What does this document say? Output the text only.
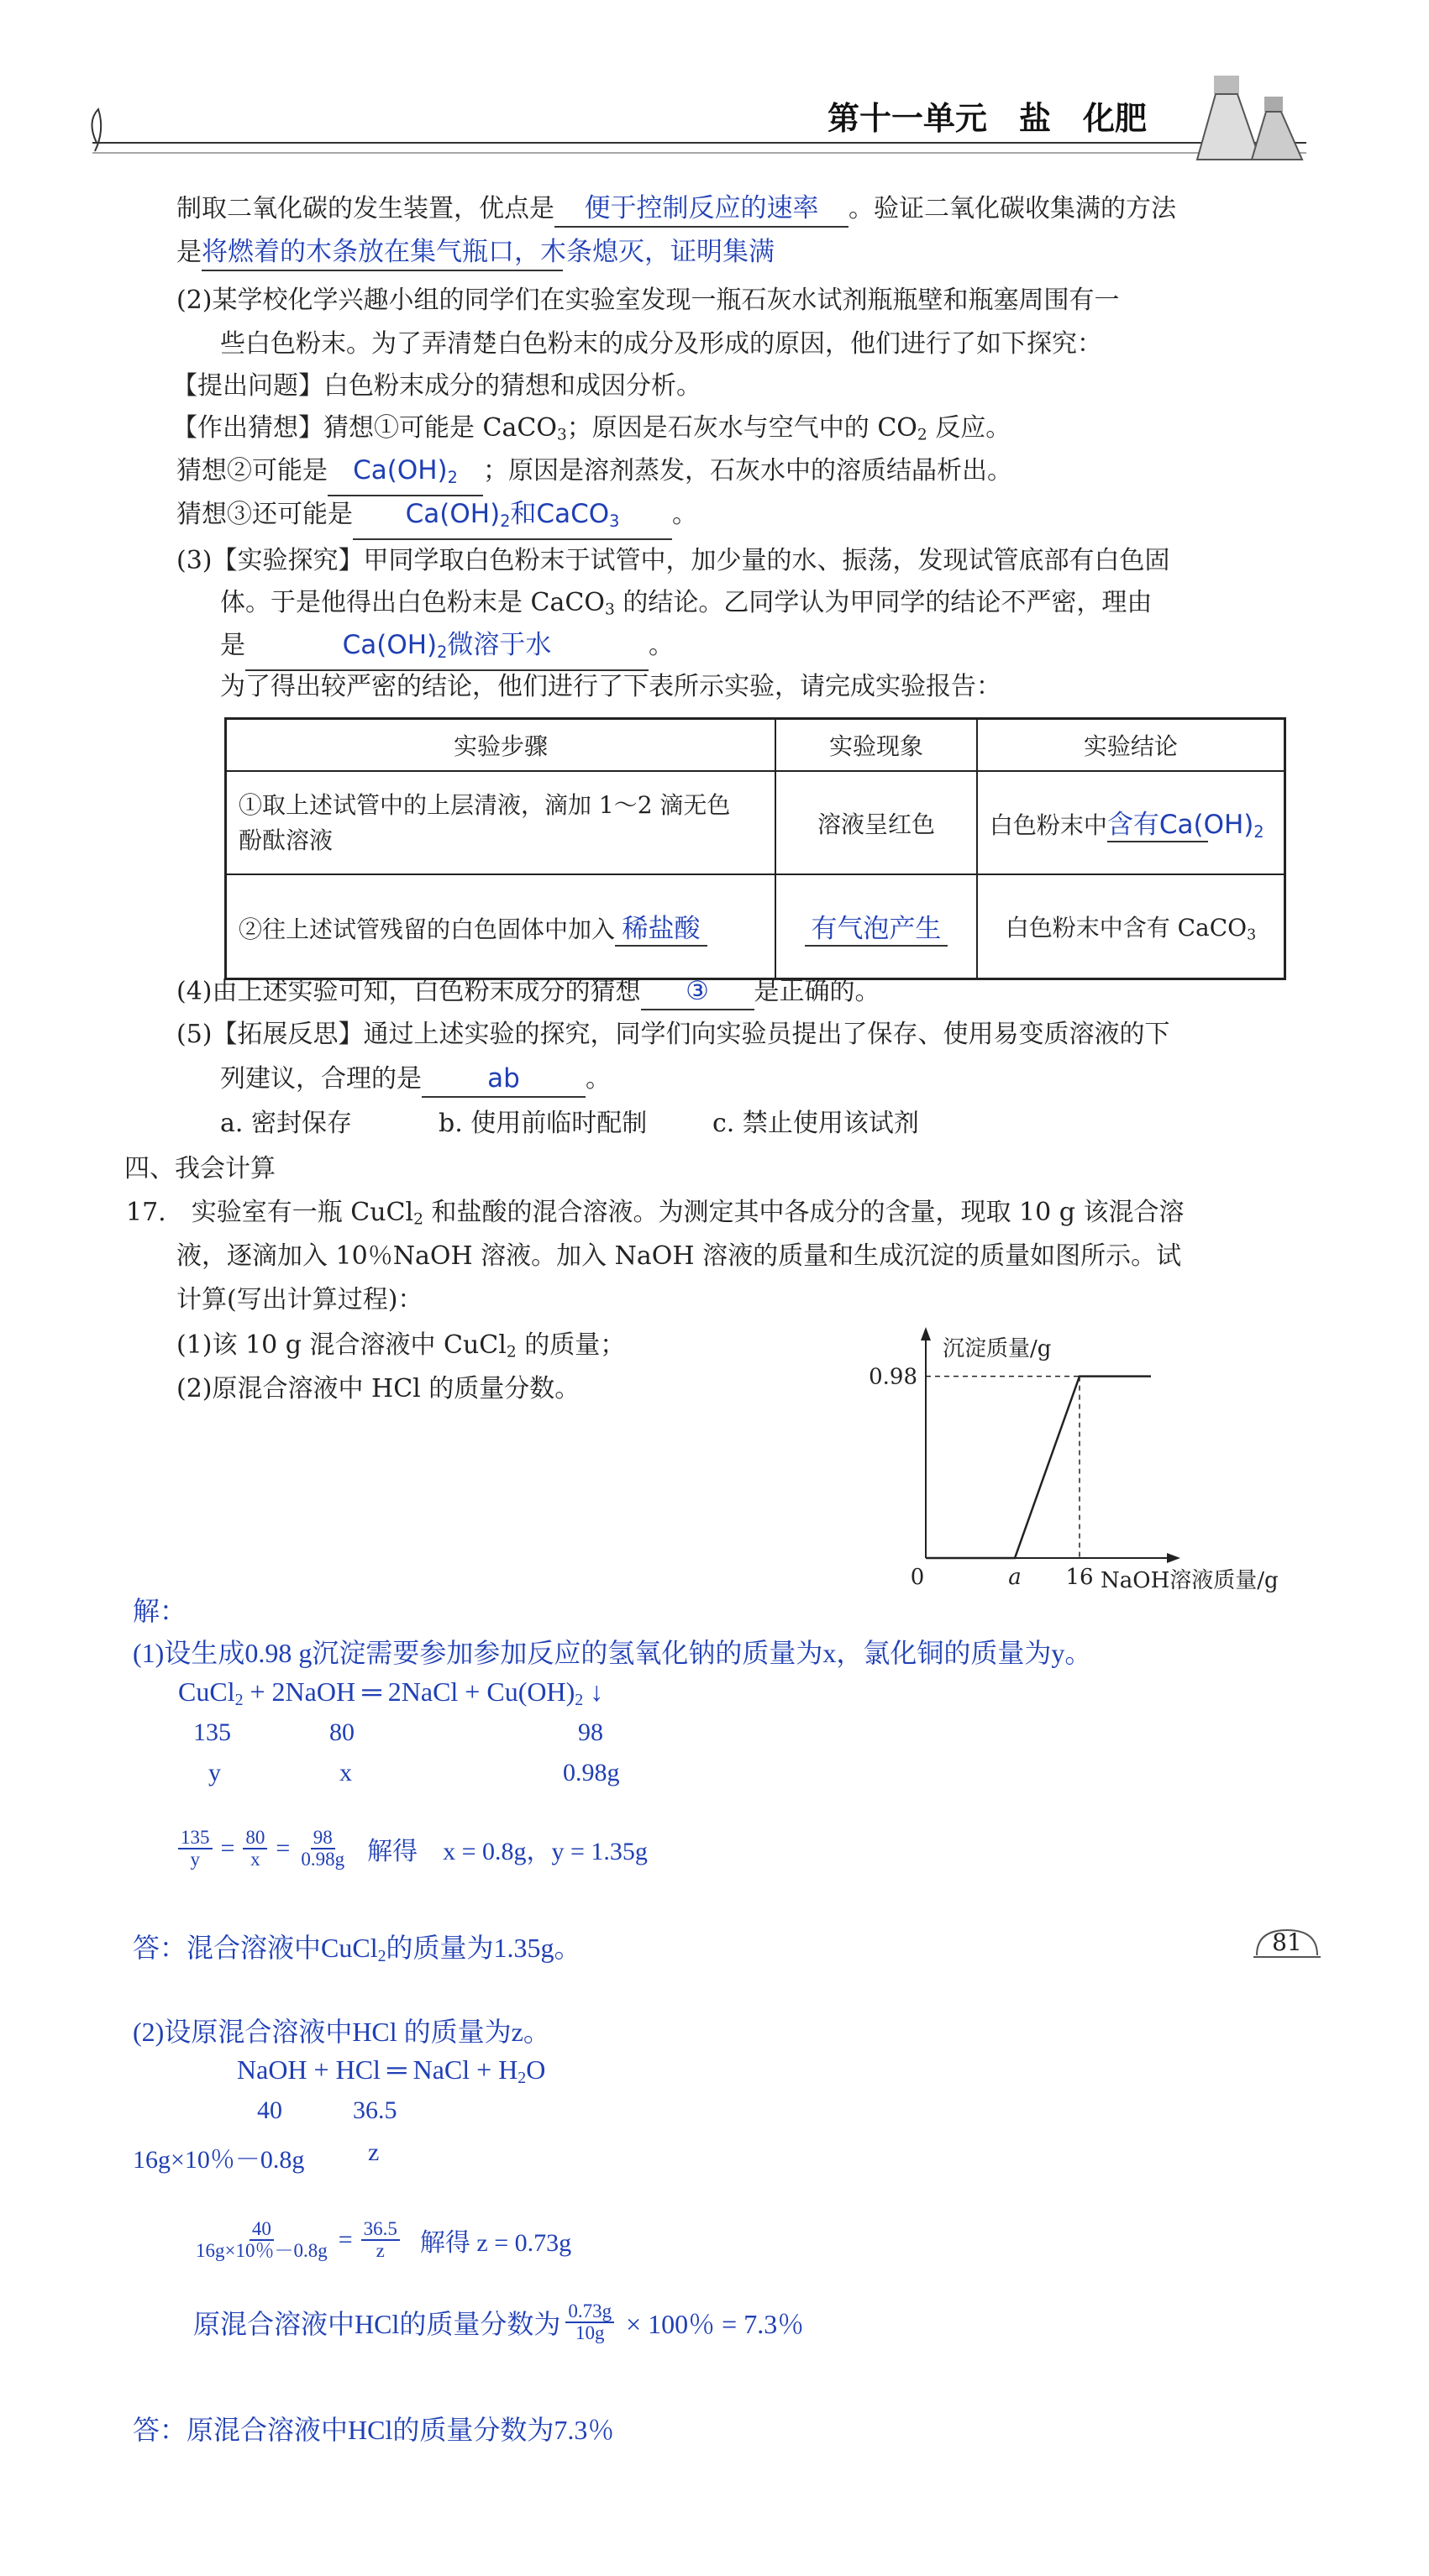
第十一单元　盐　化肥
制取二氧化碳的发生装置，优点是 便于控制反应的速率 。验证二氧化碳收集满的方法
是将燃着的木条放在集气瓶口，木条熄灭，证明集满
(2)某学校化学兴趣小组的同学们在实验室发现一瓶石灰水试剂瓶瓶壁和瓶塞周围有一
些白色粉末。为了弄清楚白色粉末的成分及形成的原因，他们进行了如下探究：
【提出问题】白色粉末成分的猜想和成因分析。
【作出猜想】猜想①可能是 CaCO$_3$；原因是石灰水与空气中的 $CO_2$ 反应。
猜想②可能是 $Ca(OH)_2$ ；原因是溶剂蒸发，石灰水中的溶质结晶析出。
猜想③还可能是 $Ca(OH)_2$和CaCO$_3$ 。
(3)【实验探究】甲同学取白色粉末于试管中，加少量的水、振荡，发现试管底部有白色固
体。于是他得出白色粉末是 CaCO$_3$ 的结论。乙同学认为甲同学的结论不严密，理由
是	$Ca(OH)_2$微溶于水	。
为了得出较严密的结论，他们进行了下表所示实验，请完成实验报告：
实验步骤	实验现象	实验结论

①取上述试管中的上层清液，滴加 1～2 滴无色
酚酞溶液	溶液呈红色	白色粉末中含有$Ca(OH)_2$
②往上述试管残留的白色固体中加入 稀盐酸	有气泡产生	白色粉末中含有 CaCO$_3$
(4)由上述实验可知，白色粉末成分的猜想 ③ 是正确的。
(5)【拓展反思】通过上述实验的探究，同学们向实验员提出了保存、使用易变质溶液的下
列建议，合理的是	ab	。
a. 密封保存	b. 使用前临时配制	c. 禁止使用该试剂
四、我会计算
17.　实验室有一瓶 CuCl$_2$ 和盐酸的混合溶液。为测定其中各成分的含量，现取 10 g 该混合溶
液，逐滴加入 10％NaOH 溶液。加入 NaOH 溶液的质量和生成沉淀的质量如图所示。试
计算(写出计算过程)：
(1)该 10 g 混合溶液中 CuCl$_2$ 的质量；
(2)原混合溶液中 HCl 的质量分数。
沉淀质量/g
NaOH溶液质量/g
0	a 16
0.98
解：
(1)设生成0.98 g沉淀需要参加参加反应的氢氧化钠的质量为x，氯化铜的质量为y。
CuCl$_2$ + 2NaOH ═ 2NaCl + $Cu(OH)_2$ ↓
135	80	98
y	x	0.98g
$\frac{135}{y} = \frac{80}{x} = \frac{98}{0.98g}$ 解得　x = 0.8g，y = 1.35g
答：混合溶液中CuCl$_2$的质量为1.35g。	81
(2)设原混合溶液中HCl 的质量为z。
NaOH + HCl ═ NaCl + $H_2O$
40	36.5
16g×10％－0.8g	z
$\frac{40}{16g\times 10\%-0.8g} = \frac{36.5}{z}$ 解得 z = 0.73g
原混合溶液中HCl的质量分数为 $\frac{0.73g}{10g} \times 100$％ = 7.3％
答：原混合溶液中HCl的质量分数为7.3％
